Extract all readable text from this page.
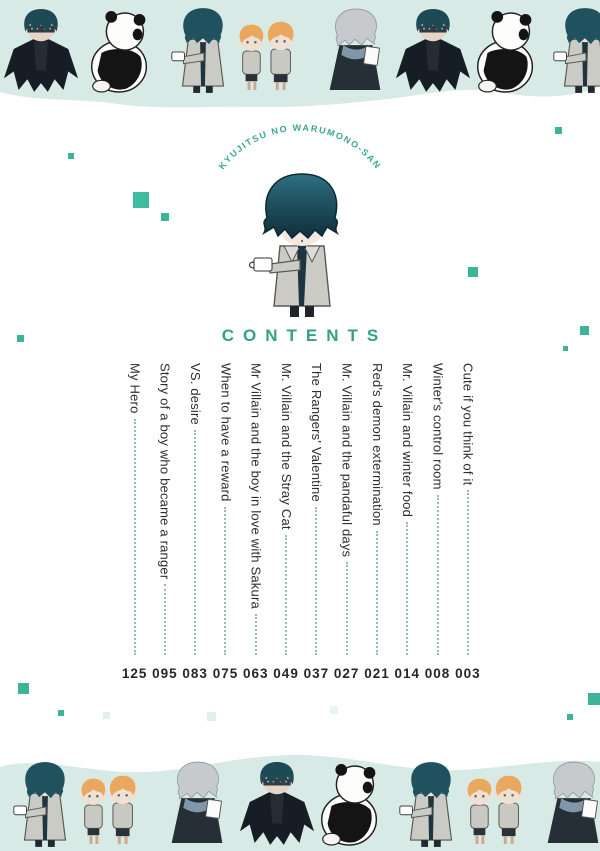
KYUJITSU NO WARUMONO-SAN
CONTENTS
Cute if you think of it
003
Winter's control room
008
Mr. Villain and winter food
014
Red's demon extermination
021
Mr. Villain and the pandaful days
027
The Rangers' Valentine
037
Mr. Villain and the Stray Cat
049
Mr Villain and the boy in love with Sakura
063
When to have a reward
075
VS. desire
083
Story of a boy who became a ranger
095
My Hero
125
